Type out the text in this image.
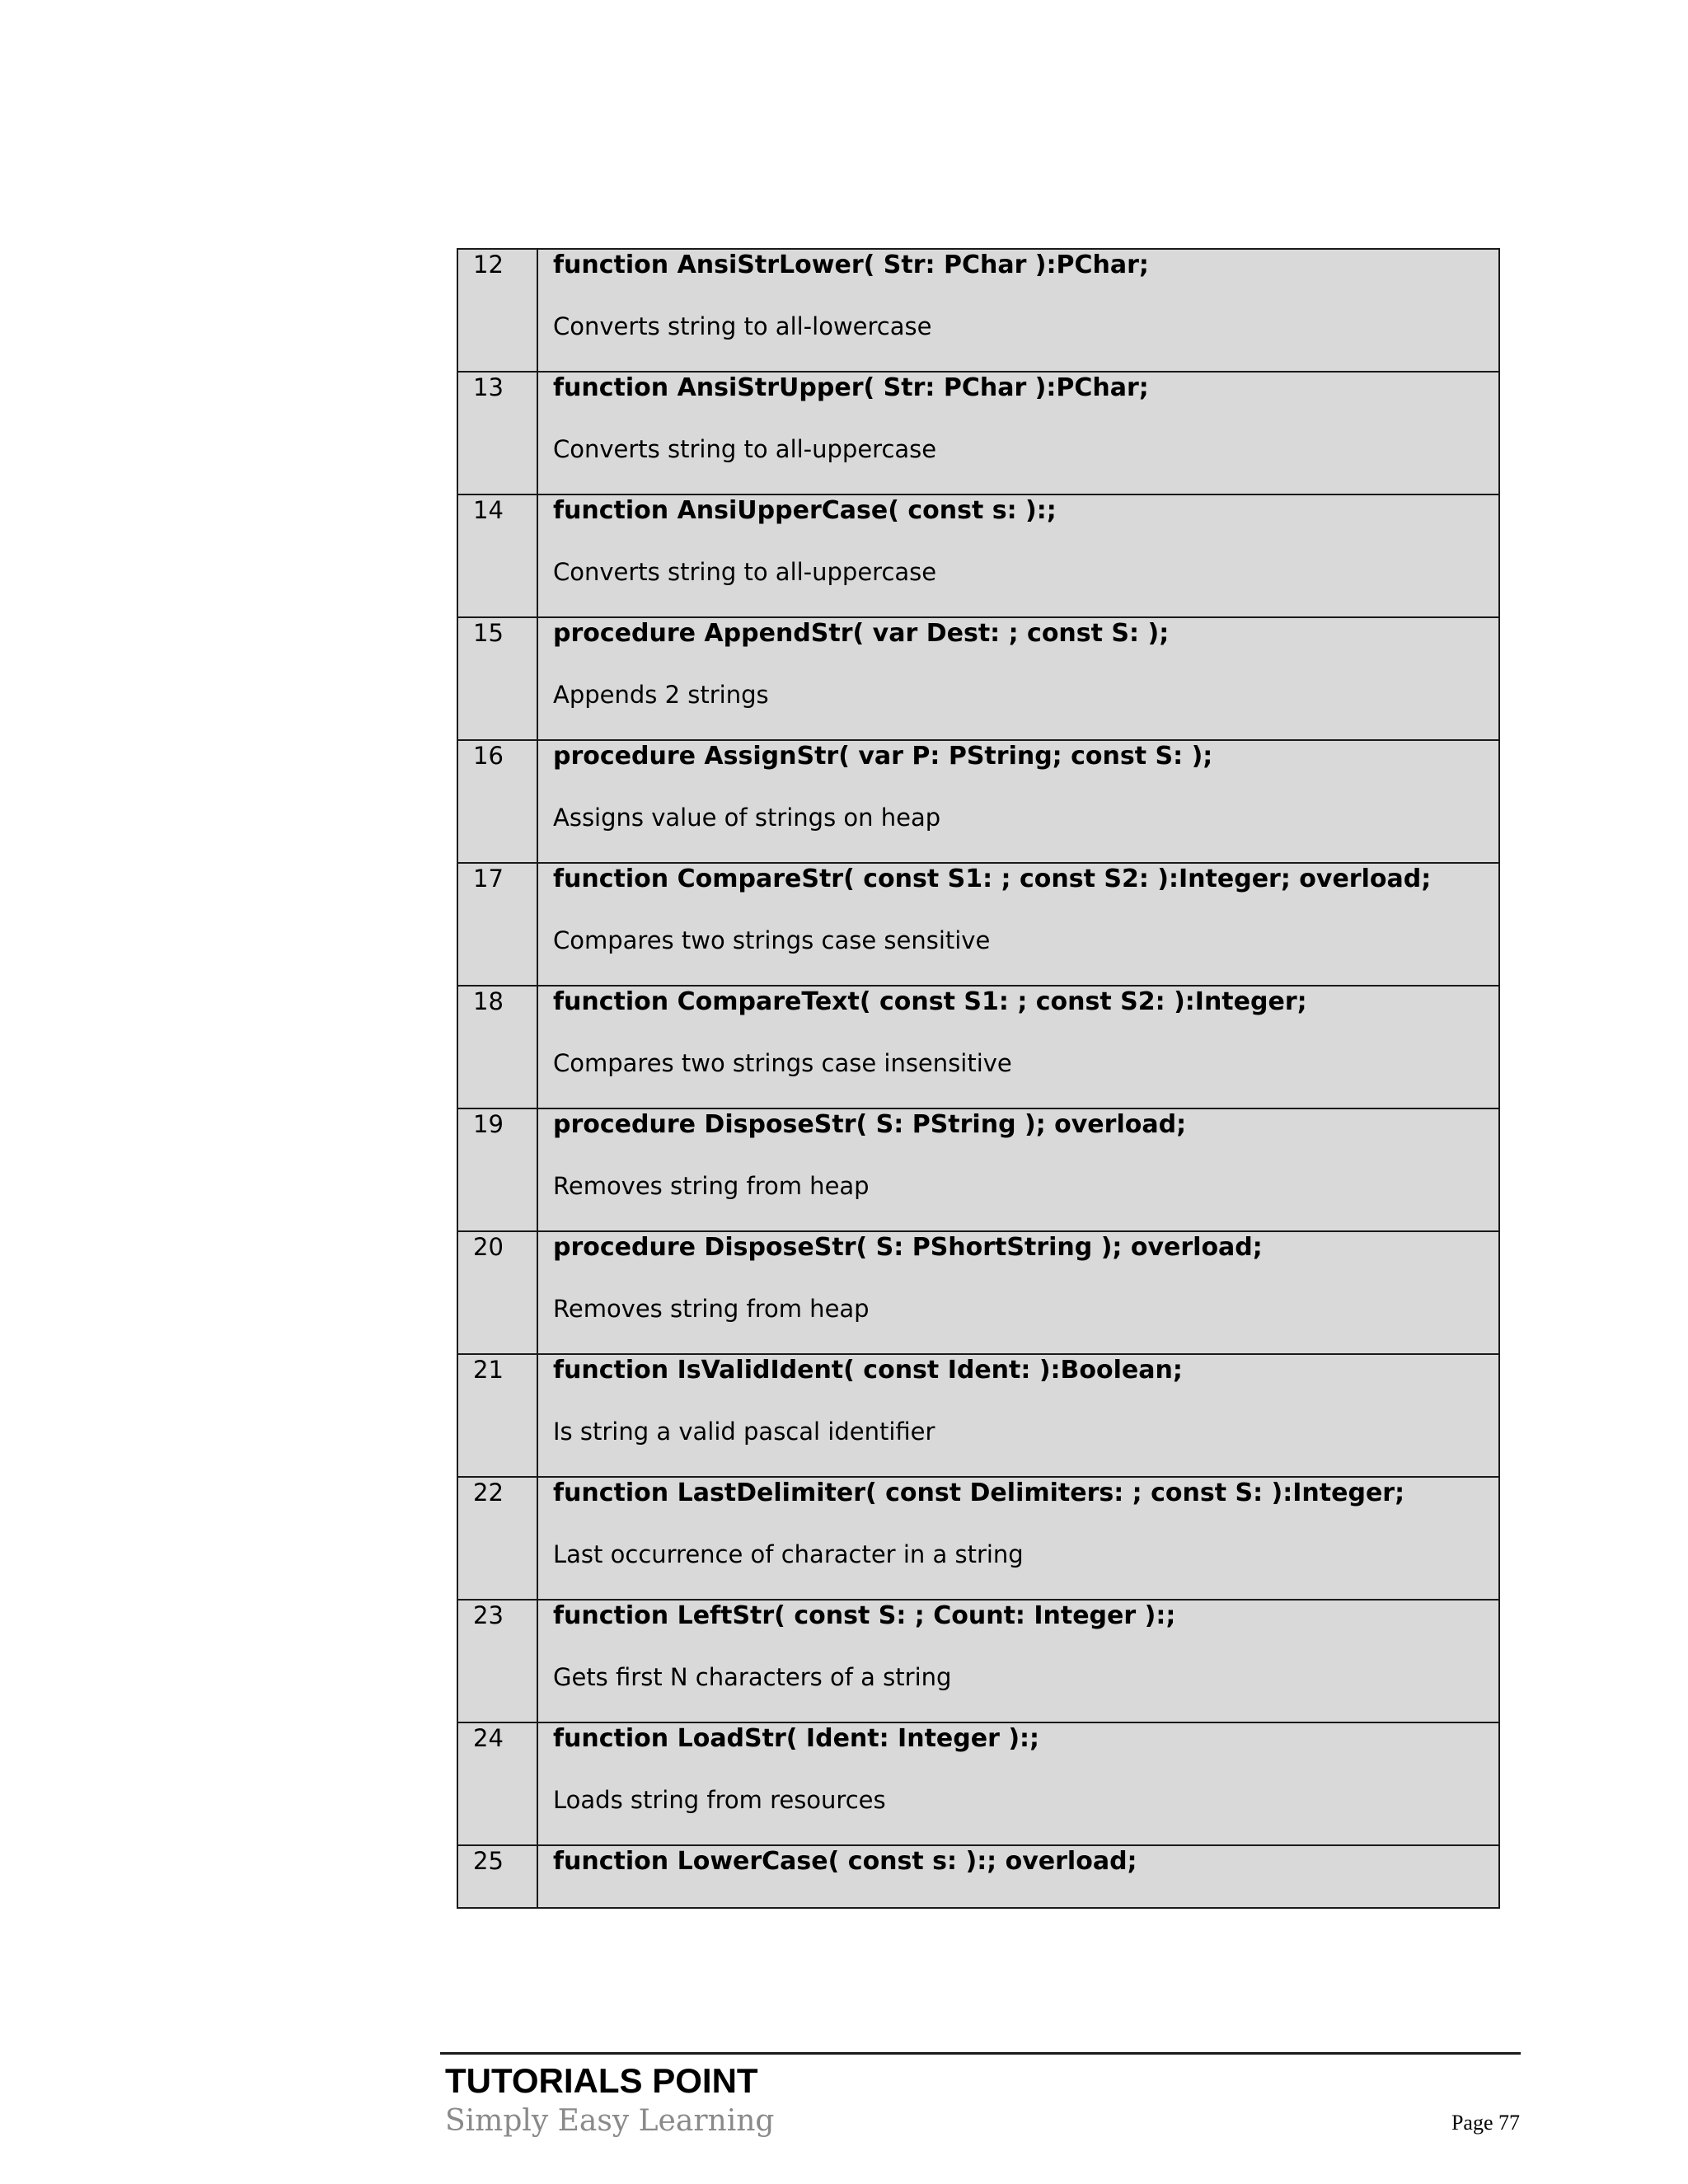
12	function AnsiStrLower( Str: PChar ):PChar;
Converts string to all-lowercase

13	function AnsiStrUpper( Str: PChar ):PChar;
Converts string to all-uppercase

14	function AnsiUpperCase( const s: ):;
Converts string to all-uppercase

15	procedure AppendStr( var Dest: ; const S: );
Appends 2 strings

16	procedure AssignStr( var P: PString; const S: );
Assigns value of strings on heap

17	function CompareStr( const S1: ; const S2: ):Integer; overload;
Compares two strings case sensitive

18	function CompareText( const S1: ; const S2: ):Integer;
Compares two strings case insensitive

19	procedure DisposeStr( S: PString ); overload;
Removes string from heap

20	procedure DisposeStr( S: PShortString ); overload;
Removes string from heap

21	function IsValidIdent( const Ident: ):Boolean;
Is string a valid pascal identifier

22	function LastDelimiter( const Delimiters: ; const S: ):Integer;
Last occurrence of character in a string

23	function LeftStr( const S: ; Count: Integer ):;
Gets first N characters of a string

24	function LoadStr( Ident: Integer ):;
Loads string from resources

25	function LowerCase( const s: ):; overload;
TUTORIALS POINT
Simply Easy Learning	Page 77
